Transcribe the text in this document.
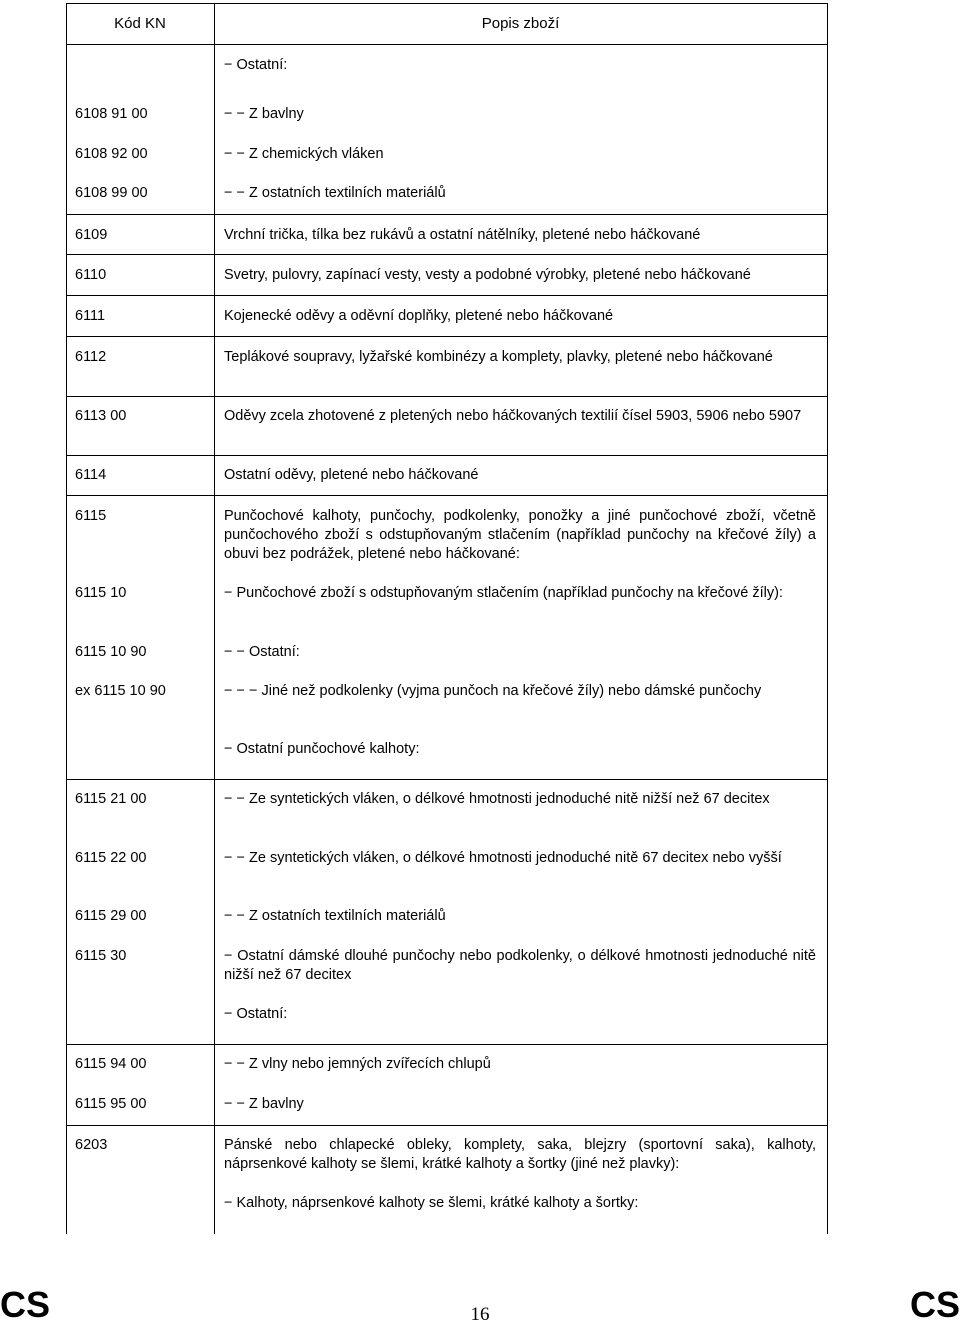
Kód KN	Popis zboží
− Ostatní:
6108 91 00	− − Z bavlny
6108 92 00	− − Z chemických vláken
6108 99 00	− − Z ostatních textilních materiálů
6109	Vrchní trička, tílka bez rukávů a ostatní nátělníky, pletené nebo háčkované
6110	Svetry, pulovry, zapínací vesty, vesty a podobné výrobky, pletené nebo háčkované
6111	Kojenecké oděvy a oděvní doplňky, pletené nebo háčkované
6112	Teplákové soupravy, lyžařské kombinézy a komplety, plavky, pletené nebo háčkované
6113 00	Oděvy zcela zhotovené z pletených nebo háčkovaných textilií čísel 5903, 5906 nebo 5907
6114	Ostatní oděvy, pletené nebo háčkované
6115	Punčochové kalhoty, punčochy, podkolenky, ponožky a jiné punčochové zboží, včetně punčochového zboží s odstupňovaným stlačením (například punčochy na křečové žíly) a obuvi bez podrážek, pletené nebo háčkované:
6115 10	− Punčochové zboží s odstupňovaným stlačením (například punčochy na křečové žíly):
6115 10 90	− − Ostatní:
ex 6115 10 90	− − − Jiné než podkolenky (vyjma punčoch na křečové žíly) nebo dámské punčochy
− Ostatní punčochové kalhoty:
6115 21 00	− − Ze syntetických vláken, o délkové hmotnosti jednoduché nitě nižší než 67 decitex
6115 22 00	− − Ze syntetických vláken, o délkové hmotnosti jednoduché nitě 67 decitex nebo vyšší
6115 29 00	− − Z ostatních textilních materiálů
6115 30	− Ostatní dámské dlouhé punčochy nebo podkolenky, o délkové hmotnosti jednoduché nitě nižší než 67 decitex
− Ostatní:
6115 94 00	− − Z vlny nebo jemných zvířecích chlupů
6115 95 00	− − Z bavlny
6203	Pánské nebo chlapecké obleky, komplety, saka, blejzry (sportovní saka), kalhoty, náprsenkové kalhoty se šlemi, krátké kalhoty a šortky (jiné než plavky):
− Kalhoty, náprsenkové kalhoty se šlemi, krátké kalhoty a šortky:
CS	16	CS
